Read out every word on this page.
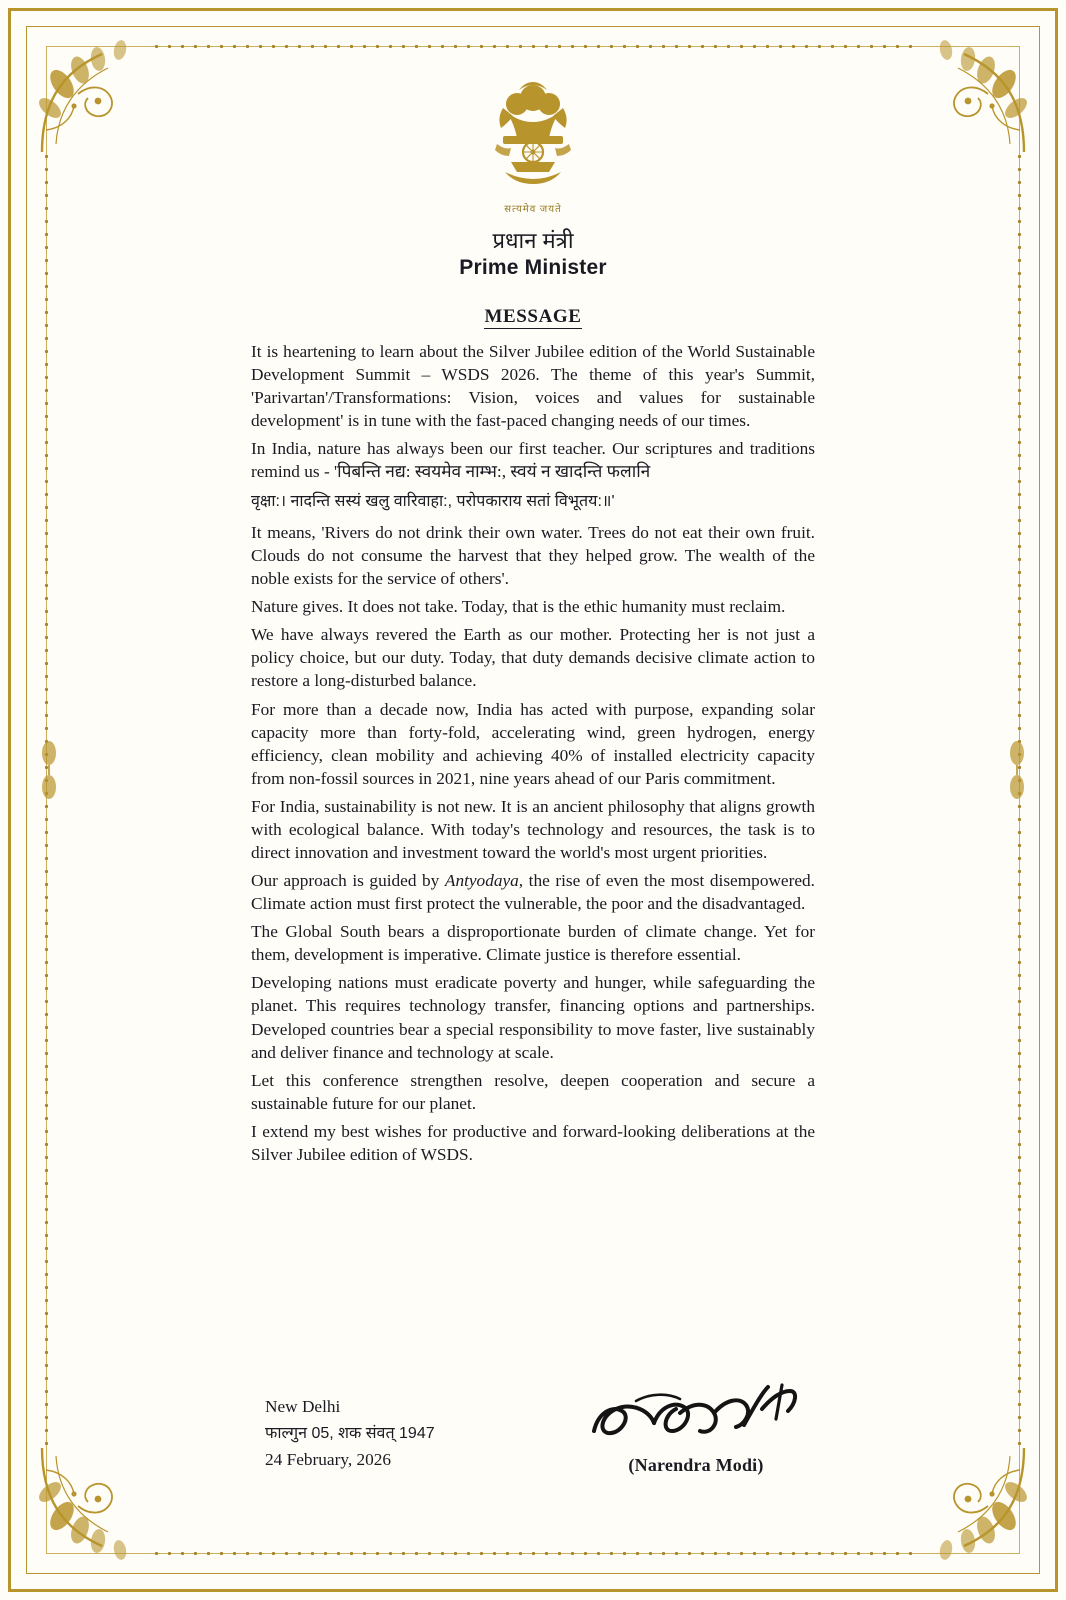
सत्यमेव जयते
प्रधान मंत्री
Prime Minister
MESSAGE

It is heartening to learn about the Silver Jubilee edition of the World Sustainable Development Summit – WSDS 2026. The theme of this year's Summit, 'Parivartan'/Transformations: Vision, voices and values for sustainable development' is in tune with the fast-paced changing needs of our times.

In India, nature has always been our first teacher. Our scriptures and traditions remind us - 'पिबन्ति नद्य: स्वयमेव नाम्भ:, स्वयं न खादन्ति फलानि

वृक्षा:। नादन्ति सस्यं खलु वारिवाहा:, परोपकाराय सतां विभूतय:॥'

It means, 'Rivers do not drink their own water. Trees do not eat their own fruit. Clouds do not consume the harvest that they helped grow. The wealth of the noble exists for the service of others'.

Nature gives. It does not take. Today, that is the ethic humanity must reclaim.

We have always revered the Earth as our mother. Protecting her is not just a policy choice, but our duty. Today, that duty demands decisive climate action to restore a long-disturbed balance.

For more than a decade now, India has acted with purpose, expanding solar capacity more than forty-fold, accelerating wind, green hydrogen, energy efficiency, clean mobility and achieving 40% of installed electricity capacity from non-fossil sources in 2021, nine years ahead of our Paris commitment.

For India, sustainability is not new. It is an ancient philosophy that aligns growth with ecological balance. With today's technology and resources, the task is to direct innovation and investment toward the world's most urgent priorities.

Our approach is guided by Antyodaya, the rise of even the most disempowered. Climate action must first protect the vulnerable, the poor and the disadvantaged.

The Global South bears a disproportionate burden of climate change. Yet for them, development is imperative. Climate justice is therefore essential.

Developing nations must eradicate poverty and hunger, while safeguarding the planet. This requires technology transfer, financing options and partnerships. Developed countries bear a special responsibility to move faster, live sustainably and deliver finance and technology at scale.

Let this conference strengthen resolve, deepen cooperation and secure a sustainable future for our planet.

I extend my best wishes for productive and forward-looking deliberations at the Silver Jubilee edition of WSDS.

New Delhi
फाल्गुन 05, शक संवत् 1947
24 February, 2026	(Narendra Modi)
